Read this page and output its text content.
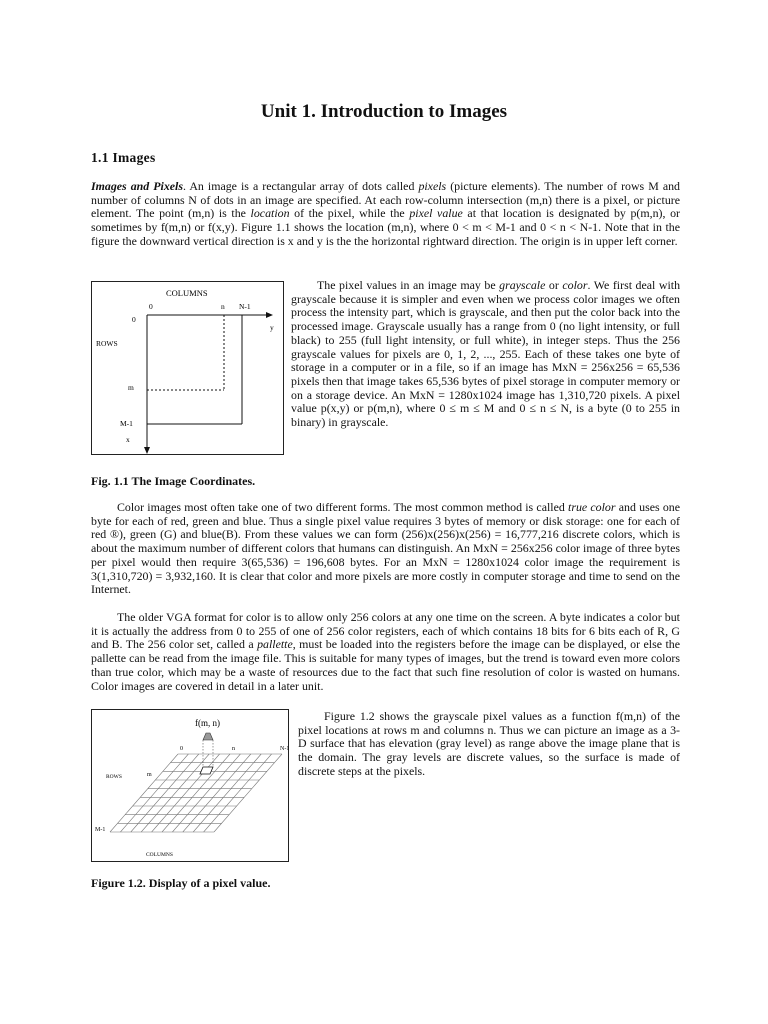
Unit 1. Introduction to Images
1.1 Images
Images and Pixels. An image is a rectangular array of dots called pixels (picture elements). The number of rows M and number of columns N of dots in an image are specified. At each row-column intersection (m,n) there is a pixel, or picture element. The point (m,n) is the location of the pixel, while the pixel value at that location is designated by p(m,n), or sometimes by f(m,n) or f(x,y). Figure 1.1 shows the location (m,n), where 0 < m < M-1 and 0 < n < N-1. Note that in the figure the downward vertical direction is x and y is the the horizontal rightward direction. The origin is in upper left corner.
COLUMNS
0	n N-1
0
y
ROWS
m
M-1
x
The pixel values in an image may be grayscale or color. We first deal with grayscale because it is simpler and even when we process color images we often process the intensity part, which is grayscale, and then put the color back into the processed image. Grayscale usually has a range from 0 (no light intensity, or full black) to 255 (full light intensity, or full white), in integer steps. Thus the 256 grayscale values for pixels are 0, 1, 2, ..., 255. Each of these takes one byte of storage in a computer or in a file, so if an image has MxN = 256x256 = 65,536 pixels then that image takes 65,536 bytes of pixel storage in computer memory or on a storage device. An MxN = 1280x1024 image has 1,310,720 pixels. A pixel value p(x,y) or p(m,n), where 0 ≤ m ≤ M and 0 ≤ n ≤ N, is a byte (0 to 255 in binary) in grayscale.
Fig. 1.1 The Image Coordinates.
Color images most often take one of two different forms. The most common method is called true color and uses one byte for each of red, green and blue. Thus a single pixel value requires 3 bytes of memory or disk storage: one for each of red ®), green (G) and blue(B). From these values we can form (256)x(256)x(256) = 16,777,216 discrete colors, which is about the maximum number of different colors that humans can distinguish. An MxN = 256x256 color image of three bytes per pixel would then require 3(65,536) = 196,608 bytes. For an MxN = 1280x1024 color image the requirement is 3(1,310,720) = 3,932,160. It is clear that color and more pixels are more costly in computer storage and time to send on the Internet.
The older VGA format for color is to allow only 256 colors at any one time on the screen. A byte indicates a color but it is actually the address from 0 to 255 of one of 256 color registers, each of which contains 18 bits for 6 bits each of R, G and B. The 256 color set, called a pallette, must be loaded into the registers before the image can be displayed, or else the pallette can be read from the image file. This is suitable for many types of images, but the trend is toward even more colors than true color, which may be a waste of resources due to the fact that such fine resolution of color is wasted on humans. Color images are covered in detail in a later unit.
f(m, n)
0	n	N-1
ROWS	m
M-1
COLUMNS
Figure 1.2 shows the grayscale pixel values as a function f(m,n) of the pixel locations at rows m and columns n. Thus we can picture an image as a 3-D surface that has elevation (gray level) as range above the image plane that is the domain. The gray levels are discrete values, so the surface is made of discrete steps at the pixels.
Figure 1.2. Display of a pixel value.
